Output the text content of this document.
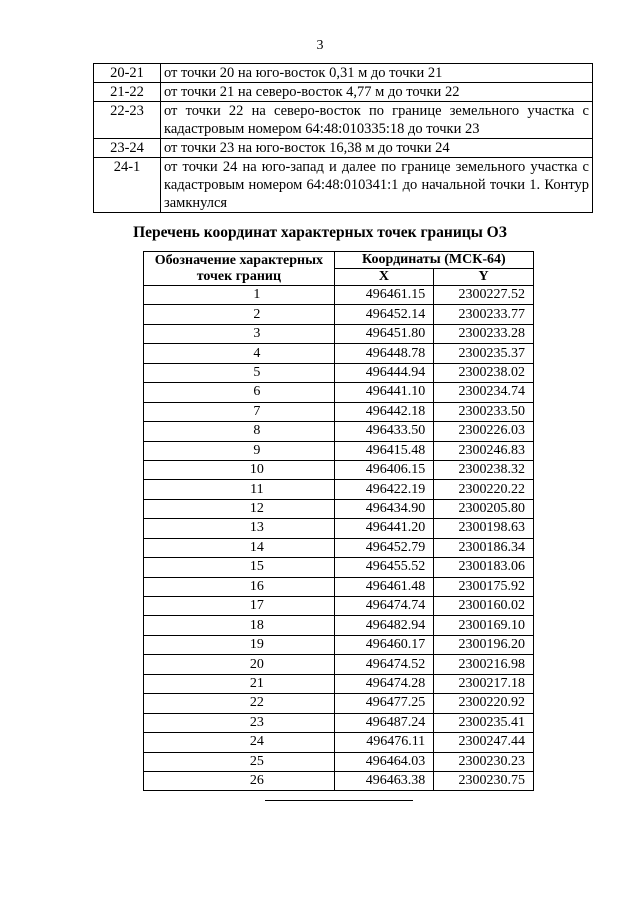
3
20-21	от точки 20 на юго-восток 0,31 м до точки 21
21-22	от точки 21 на северо-восток 4,77 м до точки 22
22-23	от точки 22 на северо-восток по границе земельного участка с кадастровым номером 64:48:010335:18 до точки 23
23-24	от точки 23 на юго-восток 16,38 м до точки 24
24-1	от точки 24 на юго-запад и далее по границе земельного участка с кадастровым номером 64:48:010341:1 до начальной точки 1. Контур замкнулся
Перечень координат характерных точек границы ОЗ
Обозначение характерных точек границ	Координаты (МСК-64)	
	X	Y
1	496461.15	2300227.52
2	496452.14	2300233.77
3	496451.80	2300233.28
4	496448.78	2300235.37
5	496444.94	2300238.02
6	496441.10	2300234.74
7	496442.18	2300233.50
8	496433.50	2300226.03
9	496415.48	2300246.83
10	496406.15	2300238.32
11	496422.19	2300220.22
12	496434.90	2300205.80
13	496441.20	2300198.63
14	496452.79	2300186.34
15	496455.52	2300183.06
16	496461.48	2300175.92
17	496474.74	2300160.02
18	496482.94	2300169.10
19	496460.17	2300196.20
20	496474.52	2300216.98
21	496474.28	2300217.18
22	496477.25	2300220.92
23	496487.24	2300235.41
24	496476.11	2300247.44
25	496464.03	2300230.23
26	496463.38	2300230.75
